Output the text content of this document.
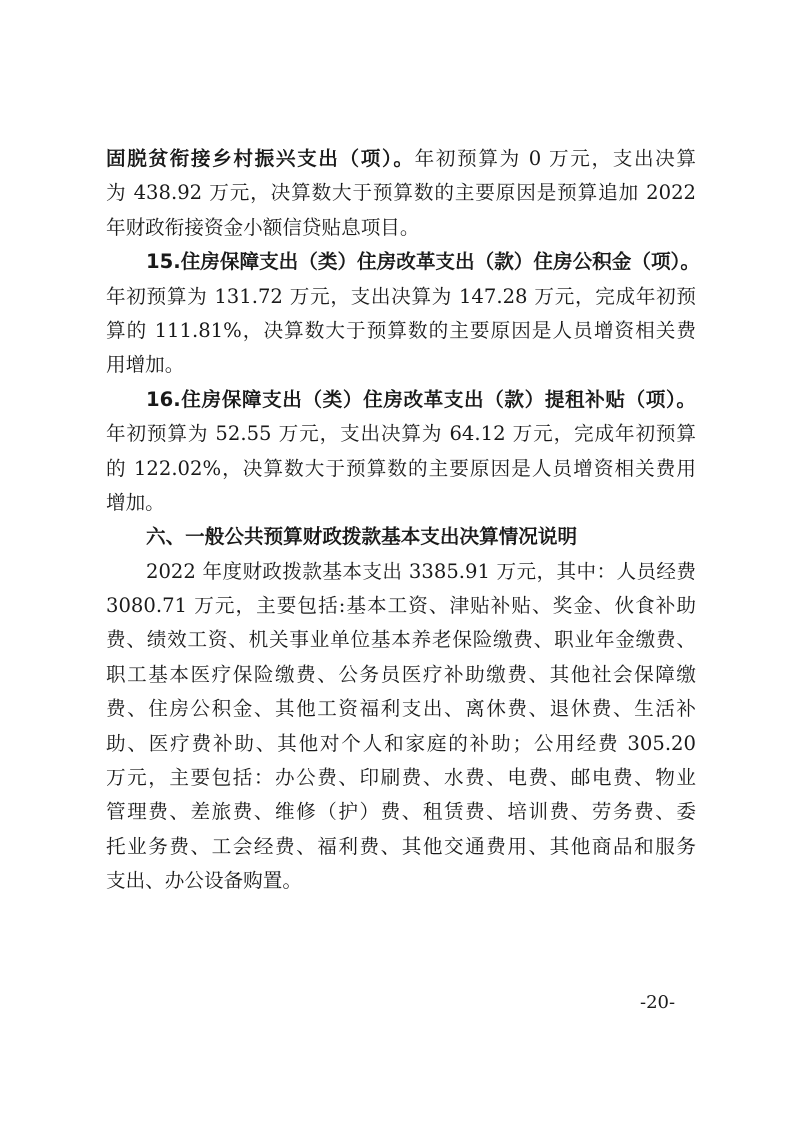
固脱贫衔接乡村振兴支出（项）。年初预算为 0 万元，支出决算
为 438.92 万元，决算数大于预算数的主要原因是预算追加 2022
年财政衔接资金小额信贷贴息项目。
15.住房保障支出（类）住房改革支出（款）住房公积金（项）。
年初预算为 131.72 万元，支出决算为 147.28 万元，完成年初预
算的 111.81%，决算数大于预算数的主要原因是人员增资相关费
用增加。
16.住房保障支出（类）住房改革支出（款）提租补贴（项）。
年初预算为 52.55 万元，支出决算为 64.12 万元，完成年初预算
的 122.02%，决算数大于预算数的主要原因是人员增资相关费用
增加。
六、一般公共预算财政拨款基本支出决算情况说明
2022 年度财政拨款基本支出 3385.91 万元，其中：人员经费
3080.71 万元，主要包括:基本工资、津贴补贴、奖金、伙食补助
费、绩效工资、机关事业单位基本养老保险缴费、职业年金缴费、
职工基本医疗保险缴费、公务员医疗补助缴费、其他社会保障缴
费、住房公积金、其他工资福利支出、离休费、退休费、生活补
助、医疗费补助、其他对个人和家庭的补助；公用经费 305.20
万元，主要包括：办公费、印刷费、水费、电费、邮电费、物业
管理费、差旅费、维修（护）费、租赁费、培训费、劳务费、委
托业务费、工会经费、福利费、其他交通费用、其他商品和服务
支出、办公设备购置。
-20-
